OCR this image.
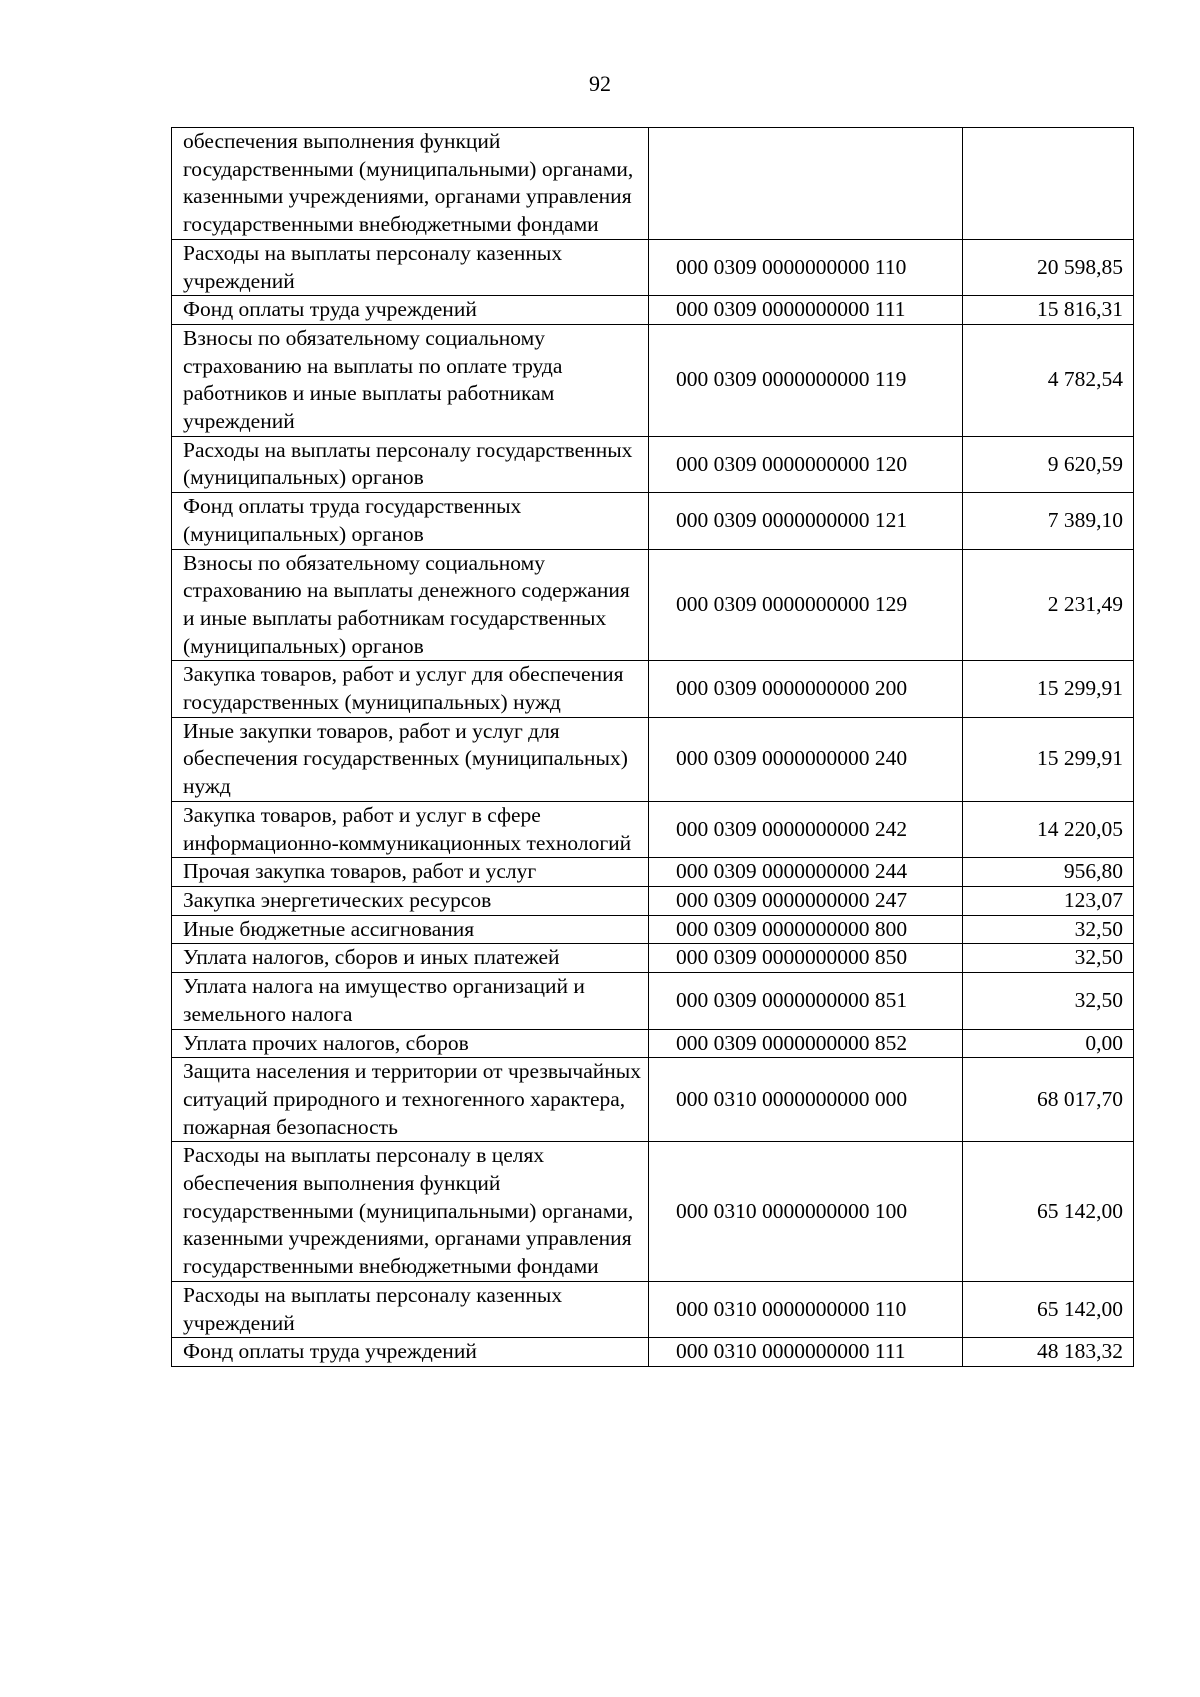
92
обеспечения выполнения функций государственными (муниципальными) органами, казенными учреждениями, органами управления государственными внебюджетными фондами		
Расходы на выплаты персоналу казенных учреждений	000 0309 0000000000 110	20 598,85
Фонд оплаты труда учреждений	000 0309 0000000000 111	15 816,31
Взносы по обязательному социальному страхованию на выплаты по оплате труда работников и иные выплаты работникам учреждений	000 0309 0000000000 119	4 782,54
Расходы на выплаты персоналу государственных (муниципальных) органов	000 0309 0000000000 120	9 620,59
Фонд оплаты труда государственных (муниципальных) органов	000 0309 0000000000 121	7 389,10
Взносы по обязательному социальному страхованию на выплаты денежного содержания и иные выплаты работникам государственных (муниципальных) органов	000 0309 0000000000 129	2 231,49
Закупка товаров, работ и услуг для обеспечения государственных (муниципальных) нужд	000 0309 0000000000 200	15 299,91
Иные закупки товаров, работ и услуг для обеспечения государственных (муниципальных) нужд	000 0309 0000000000 240	15 299,91
Закупка товаров, работ и услуг в сфере информационно-коммуникационных технологий	000 0309 0000000000 242	14 220,05
Прочая закупка товаров, работ и услуг	000 0309 0000000000 244	956,80
Закупка энергетических ресурсов	000 0309 0000000000 247	123,07
Иные бюджетные ассигнования	000 0309 0000000000 800	32,50
Уплата налогов, сборов и иных платежей	000 0309 0000000000 850	32,50
Уплата налога на имущество организаций и земельного налога	000 0309 0000000000 851	32,50
Уплата прочих налогов, сборов	000 0309 0000000000 852	0,00
Защита населения и территории от чрезвычайных ситуаций природного и техногенного характера, пожарная безопасность	000 0310 0000000000 000	68 017,70
Расходы на выплаты персоналу в целях обеспечения выполнения функций государственными (муниципальными) органами, казенными учреждениями, органами управления государственными внебюджетными фондами	000 0310 0000000000 100	65 142,00
Расходы на выплаты персоналу казенных учреждений	000 0310 0000000000 110	65 142,00
Фонд оплаты труда учреждений	000 0310 0000000000 111	48 183,32
